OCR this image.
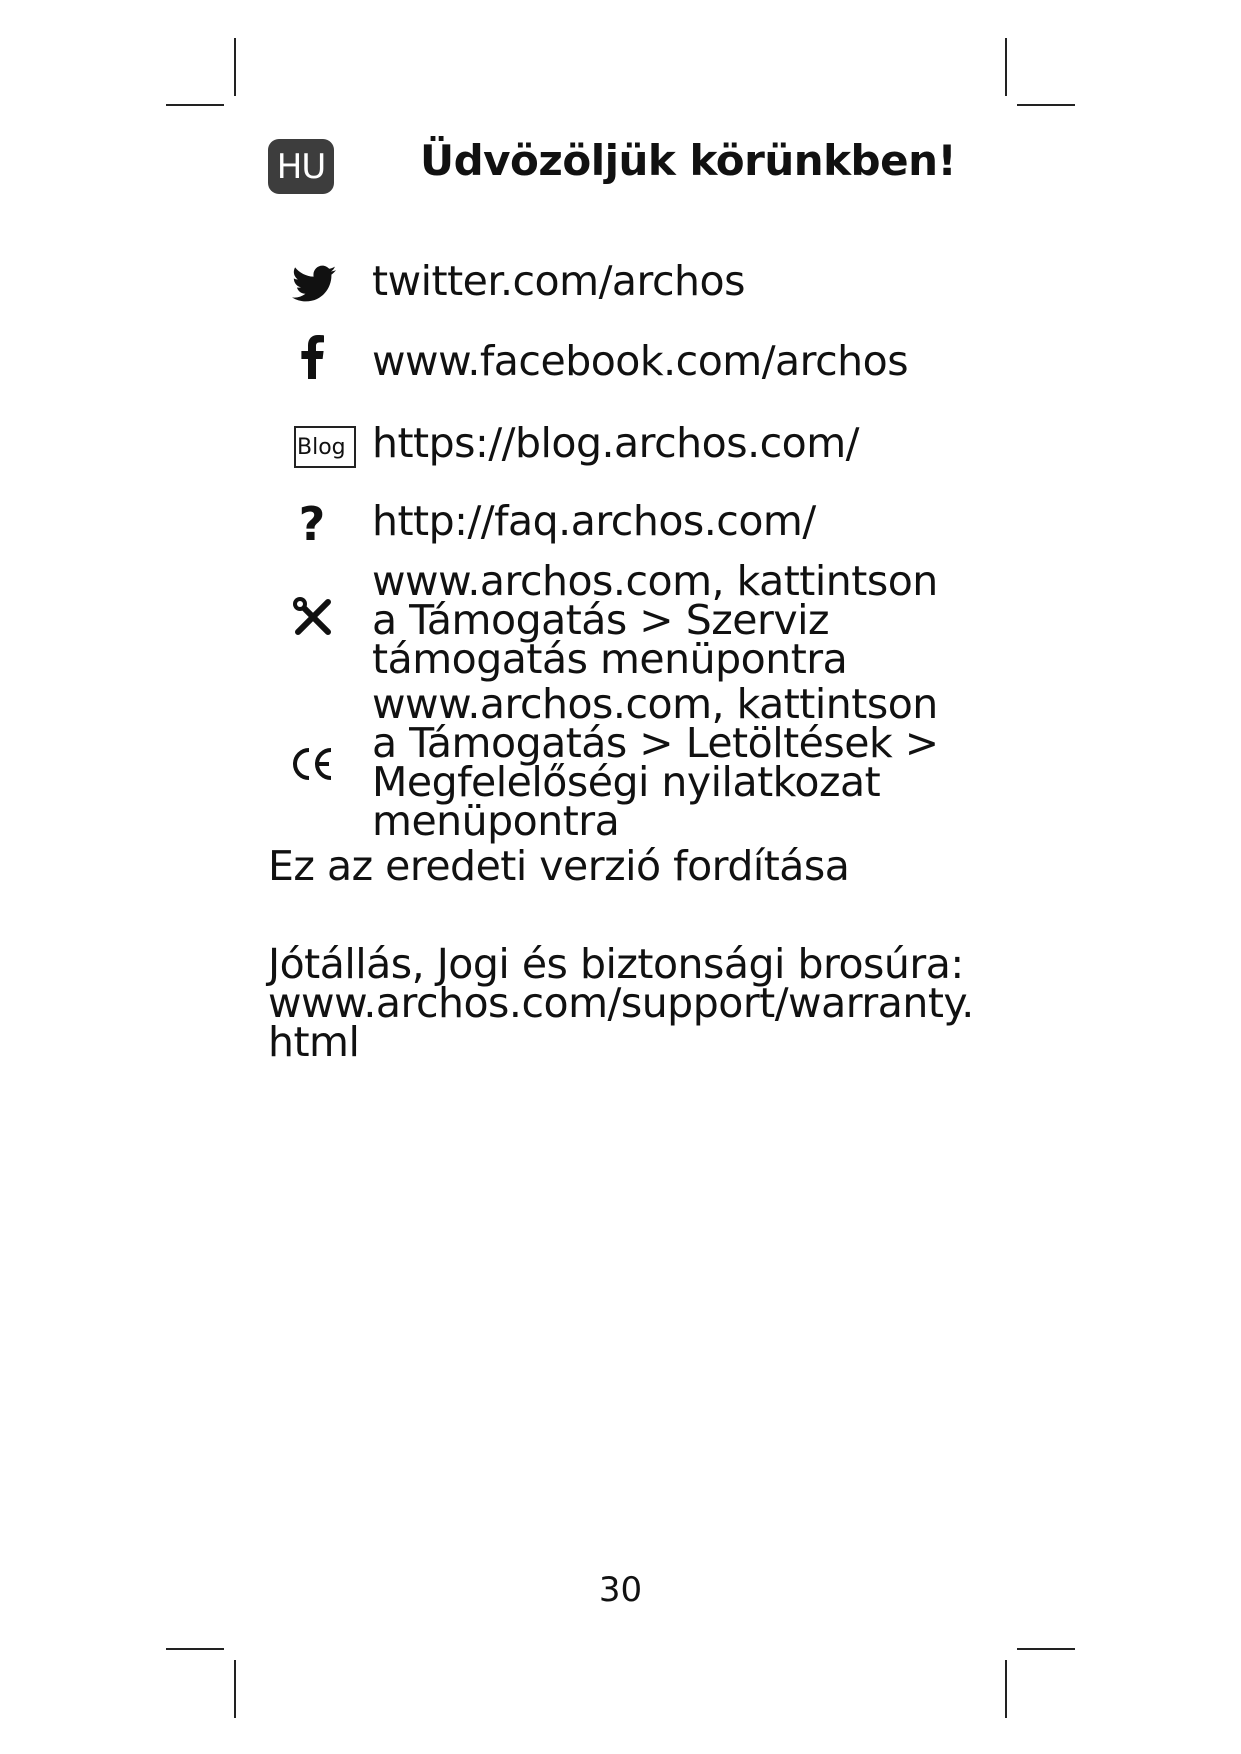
HU Üdvözöljük körünkben!
twitter.com/archos
www.facebook.com/archos
Blog https://blog.archos.com/
? http://faq.archos.com/
www.archos.com, kattintson
a Támogatás > Szerviz
támogatás menüpontra
www.archos.com, kattintson
a Támogatás > Letöltések >
Megfelelőségi nyilatkozat
menüpontra
Ez az eredeti verzió fordítása
Jótállás, Jogi és biztonsági brosúra:
www.archos.com/support/warranty.
html
30
